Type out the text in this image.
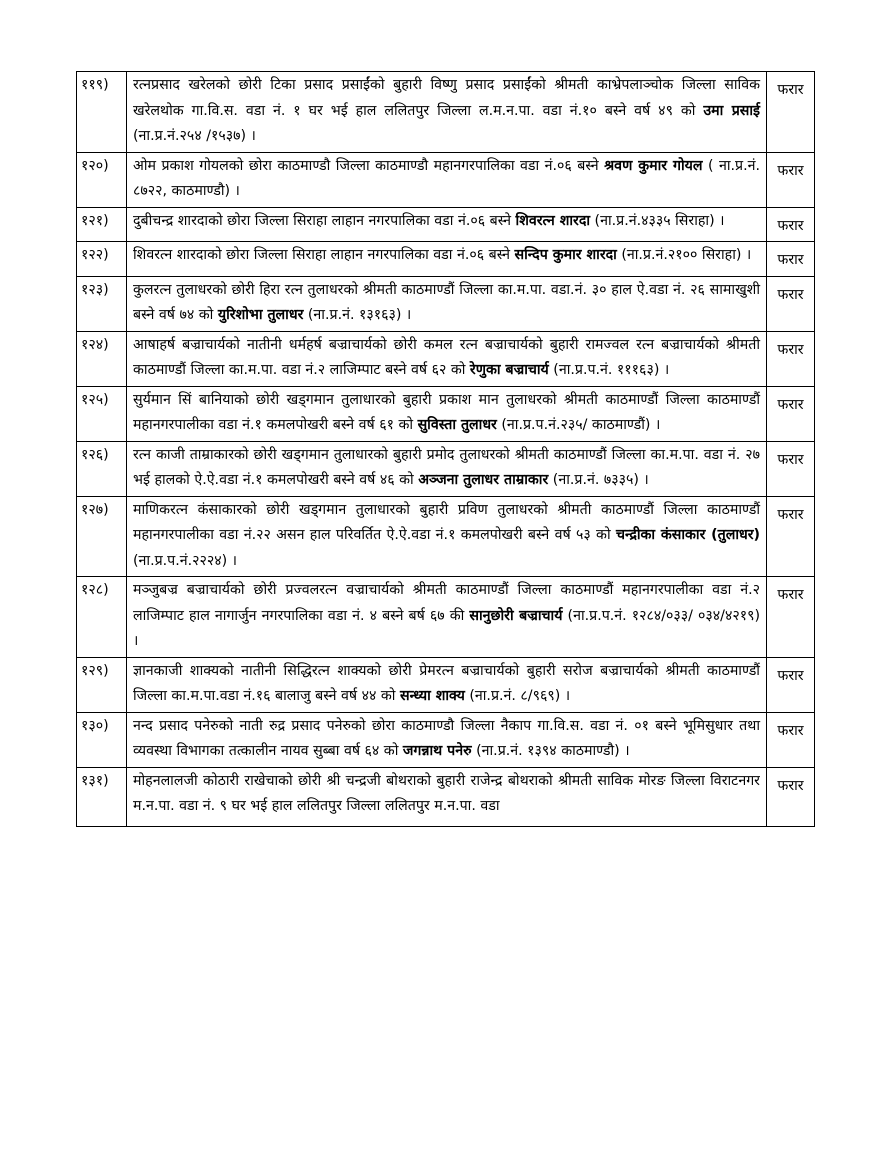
११९)	रत्नप्रसाद खरेलको छोरी टिका प्रसाद प्रसाईंको बुहारी विष्णु प्रसाद प्रसाईंको श्रीमती काभ्रेपलाञ्चोक जिल्ला साविक खरेलथोक गा.वि.स. वडा नं. १ घर भई हाल ललितपुर जिल्ला ल.म.न.पा. वडा नं.१० बस्ने वर्ष ४९ को उमा प्रसाई (ना.प्र.नं.२५४ /१५३७) ।	फरार
१२०)	ओम प्रकाश गोयलको छोरा काठमाण्डौ जिल्ला काठमाण्डौ महानगरपालिका वडा नं.०६ बस्ने श्रवण कुमार गोयल ( ना.प्र.नं. ८७२२, काठमाण्डौ) ।	फरार
१२१)	दुबीचन्द्र शारदाको छोरा जिल्ला सिराहा लाहान नगरपालिका वडा नं.०६ बस्ने शिवरत्न शारदा (ना.प्र.नं.४३३५ सिराहा) ।	फरार
१२२)	शिवरत्न शारदाको छोरा जिल्ला सिराहा लाहान नगरपालिका वडा नं.०६ बस्ने सन्दिप कुमार शारदा (ना.प्र.नं.२१०० सिराहा) ।	फरार
१२३)	कुलरत्न तुलाधरको छोरी हिरा रत्न तुलाधरको श्रीमती काठमाण्डौं जिल्ला का.म.पा. वडा.नं. ३० हाल ऐ.वडा नं. २६ सामाखुशी बस्ने वर्ष ७४ को युरिशोभा तुलाधर (ना.प्र.नं. १३१६३) ।	फरार
१२४)	आषाहर्ष बज्राचार्यको नातीनी धर्महर्ष बज्राचार्यको छोरी कमल रत्न बज्राचार्यको बुहारी रामज्वल रत्न बज्राचार्यको श्रीमती काठमाण्डौं जिल्ला का.म.पा. वडा नं.२ लाजिम्पाट बस्ने वर्ष ६२ को रेणुका बज्राचार्य (ना.प्र.प.नं. १११६३) ।	फरार
१२५)	सुर्यमान सिं बानियाको छोरी खड्गमान तुलाधारको बुहारी प्रकाश मान तुलाधरको श्रीमती काठमाण्डौं जिल्ला काठमाण्डौं महानगरपालीका वडा नं.१ कमलपोखरी बस्ने वर्ष ६१ को सुविस्ता तुलाधर (ना.प्र.प.नं.२३५/ काठमाण्डौं) ।	फरार
१२६)	रत्न काजी ताम्राकारको छोरी खड्गमान तुलाधारको बुहारी प्रमोद तुलाधरको श्रीमती काठमाण्डौं जिल्ला का.म.पा. वडा नं. २७ भई हालको ऐ.ऐ.वडा नं.१ कमलपोखरी बस्ने वर्ष ४६ को अञ्जना तुलाधर ताम्राकार (ना.प्र.नं. ७३३५) ।	फरार
१२७)	माणिकरत्न कंसाकारको छोरी खड्गमान तुलाधारको बुहारी प्रविण तुलाधरको श्रीमती काठमाण्डौं जिल्ला काठमाण्डौं महानगरपालीका वडा नं.२२ असन हाल परिवर्तित ऐ.ऐ.वडा नं.१ कमलपोखरी बस्ने वर्ष ५३ को चन्द्रीका कंसाकार (तुलाधर) (ना.प्र.प.नं.२२२४) ।	फरार
१२८)	मञ्जुबज्र बज्राचार्यको छोरी प्रज्वलरत्न वज्राचार्यको श्रीमती काठमाण्डौं जिल्ला काठमाण्डौं महानगरपालीका वडा नं.२ लाजिम्पाट हाल नागार्जुन नगरपालिका वडा नं. ४ बस्ने बर्ष ६७ की सानुछोरी बज्राचार्य (ना.प्र.प.नं. १२८४/०३३/ ०३४/४२१९) ।	फरार
१२९)	ज्ञानकाजी शाक्यको नातीनी सिद्धिरत्न शाक्यको छोरी प्रेमरत्न बज्राचार्यको बुहारी सरोज बज्राचार्यको श्रीमती काठमाण्डौं जिल्ला का.म.पा.वडा नं.१६ बालाजु बस्ने वर्ष ४४ को सन्ध्या शाक्य (ना.प्र.नं. ८/९६९) ।	फरार
१३०)	नन्द प्रसाद पनेरुको नाती रुद्र प्रसाद पनेरुको छोरा काठमाण्डौ जिल्ला नैकाप गा.वि.स. वडा नं. ०१ बस्ने भूमिसुधार तथा व्यवस्था विभागका तत्कालीन नायव सुब्बा वर्ष ६४ को जगन्नाथ पनेरु (ना.प्र.नं. १३९४ काठमाण्डौ) ।	फरार
१३१)	मोहनलालजी कोठारी राखेचाको छोरी श्री चन्द्रजी बोथराको बुहारी राजेन्द्र बोथराको श्रीमती साविक मोरङ जिल्ला विराटनगर म.न.पा. वडा नं. ९ घर भई हाल ललितपुर जिल्ला ललितपुर म.न.पा. वडा	फरार
